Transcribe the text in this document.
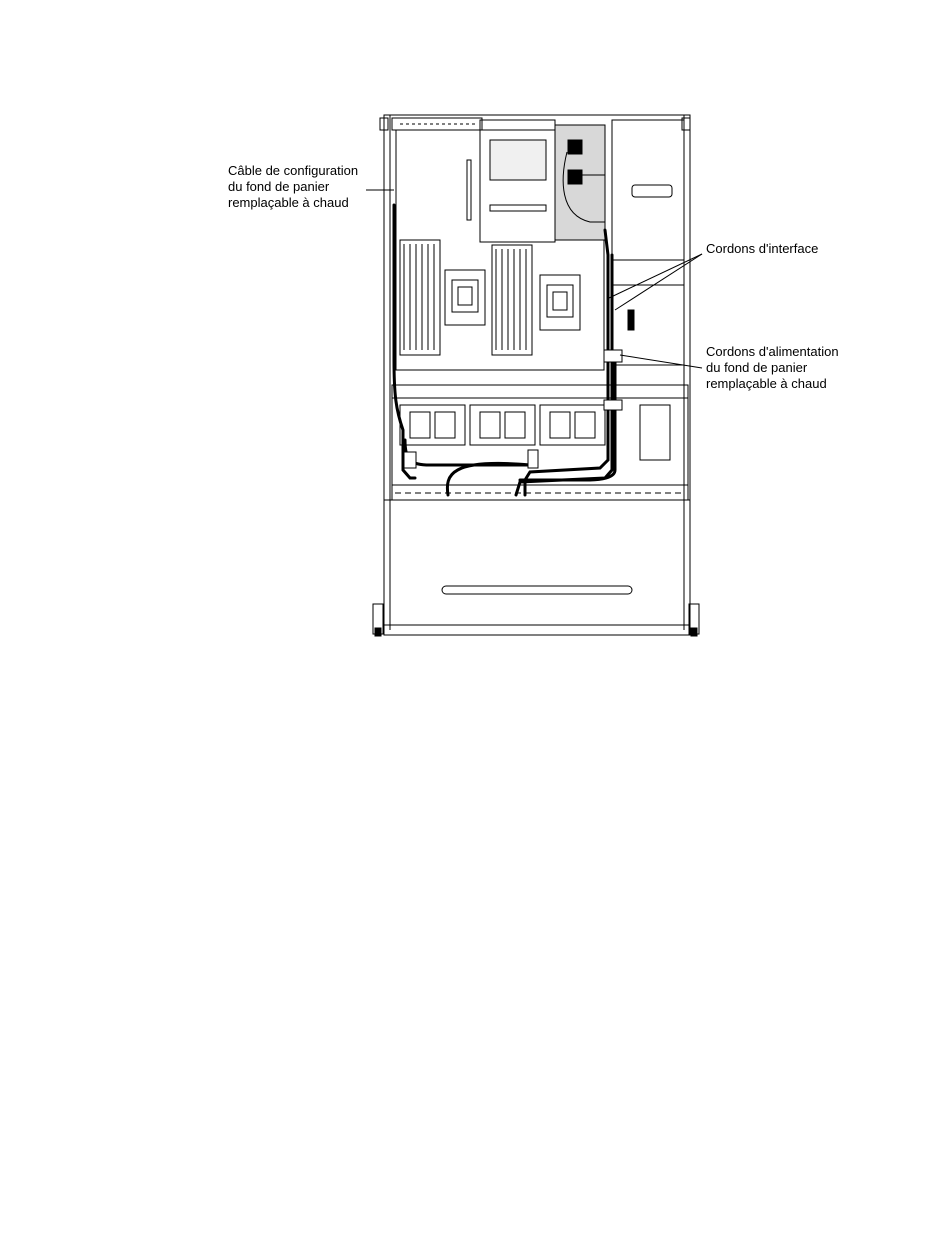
Câble de configuration
du fond de panier
remplaçable à chaud
Cordons d'interface
Cordons d'alimentation
du fond de panier
remplaçable à chaud
